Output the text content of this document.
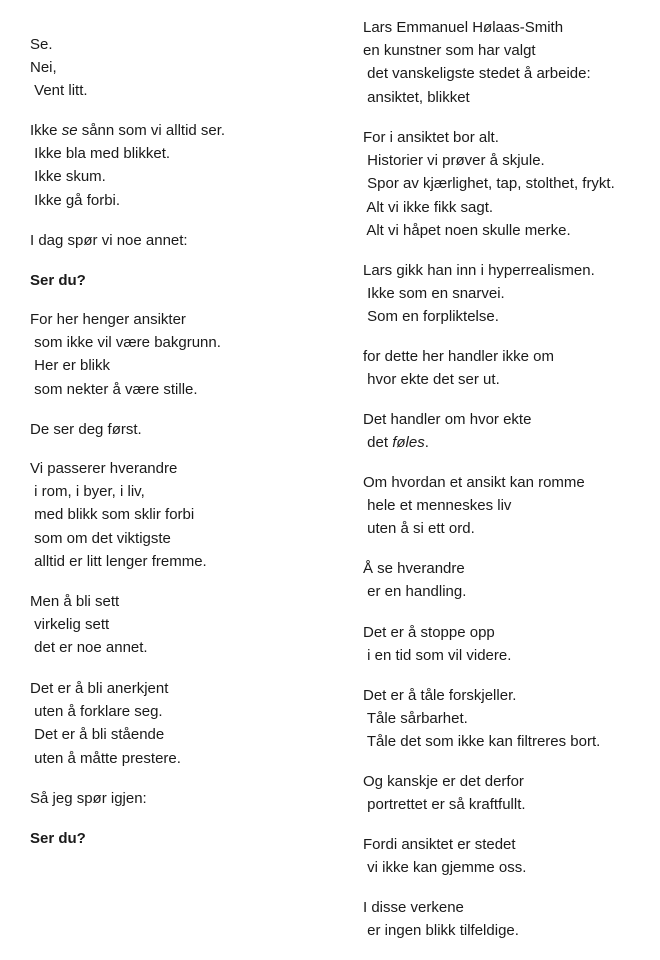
Se.
Nei,
Vent litt.
Ikke se sånn som vi alltid ser.
Ikke bla med blikket.
Ikke skum.
Ikke gå forbi.
I dag spør vi noe annet:
Ser du?
For her henger ansikter
som ikke vil være bakgrunn.
Her er blikk
som nekter å være stille.
De ser deg først.
Vi passerer hverandre
i rom, i byer, i liv,
med blikk som sklir forbi
som om det viktigste
alltid er litt lenger fremme.
Men å bli sett
virkelig sett
det er noe annet.
Det er å bli anerkjent
uten å forklare seg.
Det er å bli stående
uten å måtte prestere.
Så jeg spør igjen:
Ser du?
Lars Emmanuel Hølaas-Smith
en kunstner som har valgt
det vanskeligste stedet å arbeide:
ansiktet, blikket
For i ansiktet bor alt.
Historier vi prøver å skjule.
Spor av kjærlighet, tap, stolthet, frykt.
Alt vi ikke fikk sagt.
Alt vi håpet noen skulle merke.
Lars gikk han inn i hyperrealismen.
Ikke som en snarvei.
Som en forpliktelse.
for dette her handler ikke om
hvor ekte det ser ut.
Det handler om hvor ekte
det føles.
Om hvordan et ansikt kan romme
hele et menneskes liv
uten å si ett ord.
Å se hverandre
er en handling.
Det er å stoppe opp
i en tid som vil videre.
Det er å tåle forskjeller.
Tåle sårbarhet.
Tåle det som ikke kan filtreres bort.
Og kanskje er det derfor
portrettet er så kraftfullt.
Fordi ansiktet er stedet
vi ikke kan gjemme oss.
I disse verkene
er ingen blikk tilfeldige.
